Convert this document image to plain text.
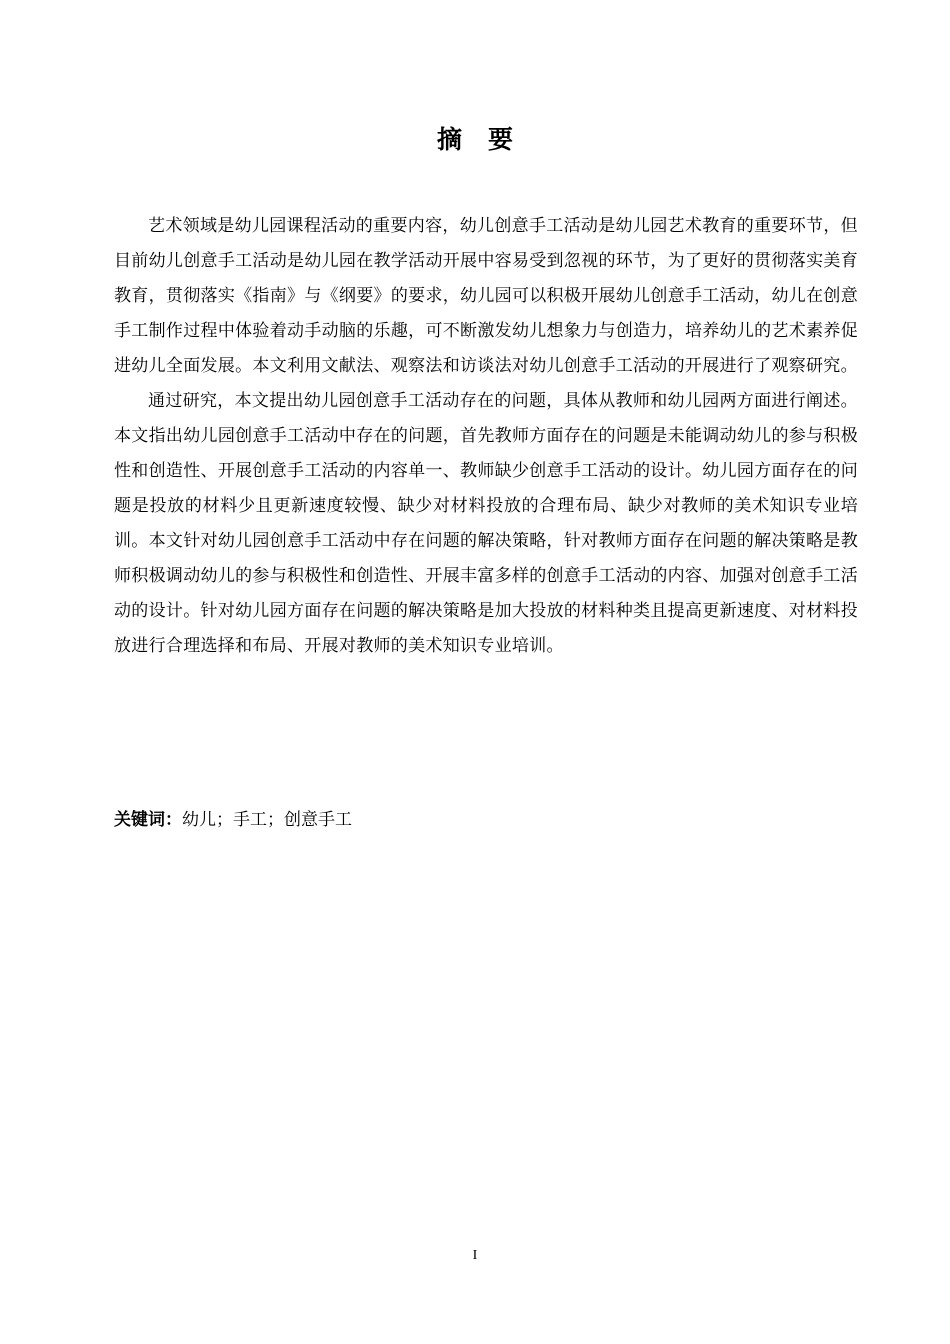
摘 要

艺术领域是幼儿园课程活动的重要内容，幼儿创意手工活动是幼儿园艺术教育的重要环节，但目前幼儿创意手工活动是幼儿园在教学活动开展中容易受到忽视的环节，为了更好的贯彻落实美育教育，贯彻落实《指南》与《纲要》的要求，幼儿园可以积极开展幼儿创意手工活动，幼儿在创意手工制作过程中体验着动手动脑的乐趣，可不断激发幼儿想象力与创造力，培养幼儿的艺术素养促进幼儿全面发展。本文利用文献法、观察法和访谈法对幼儿创意手工活动的开展进行了观察研究。

通过研究，本文提出幼儿园创意手工活动存在的问题，具体从教师和幼儿园两方面进行阐述。本文指出幼儿园创意手工活动中存在的问题，首先教师方面存在的问题是未能调动幼儿的参与积极性和创造性、开展创意手工活动的内容单一、教师缺少创意手工活动的设计。幼儿园方面存在的问题是投放的材料少且更新速度较慢、缺少对材料投放的合理布局、缺少对教师的美术知识专业培训。本文针对幼儿园创意手工活动中存在问题的解决策略，针对教师方面存在问题的解决策略是教师积极调动幼儿的参与积极性和创造性、开展丰富多样的创意手工活动的内容、加强对创意手工活动的设计。针对幼儿园方面存在问题的解决策略是加大投放的材料种类且提高更新速度、对材料投放进行合理选择和布局、开展对教师的美术知识专业培训。

关键词：幼儿；手工；创意手工
I
